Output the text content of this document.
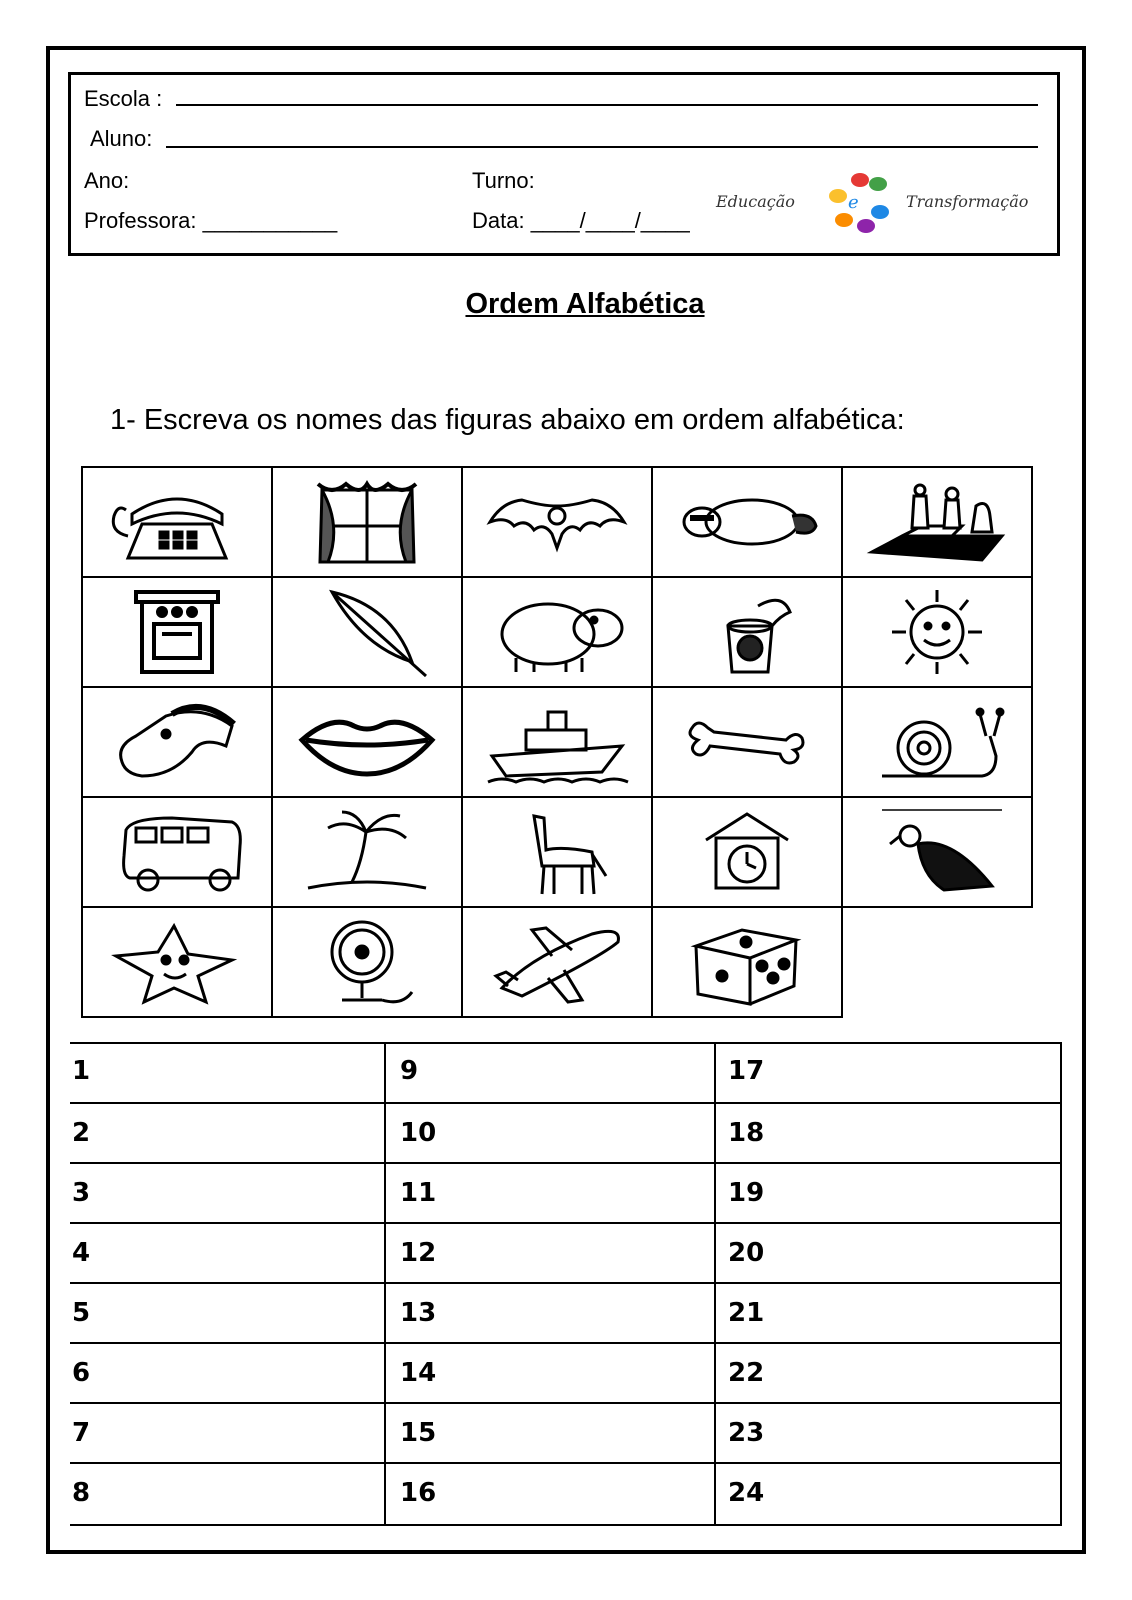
Escola :
Aluno:
Ano:	Turno:
Professora: ___________	Data: ____/____/____
Educação	e	Transformação
Ordem Alfabética
1- Escreva os nomes das figuras abaixo em ordem alfabética:
1	9	17
2	10	18
3	11	19
4	12	20
5	13	21
6	14	22
7	15	23
8	16	24
